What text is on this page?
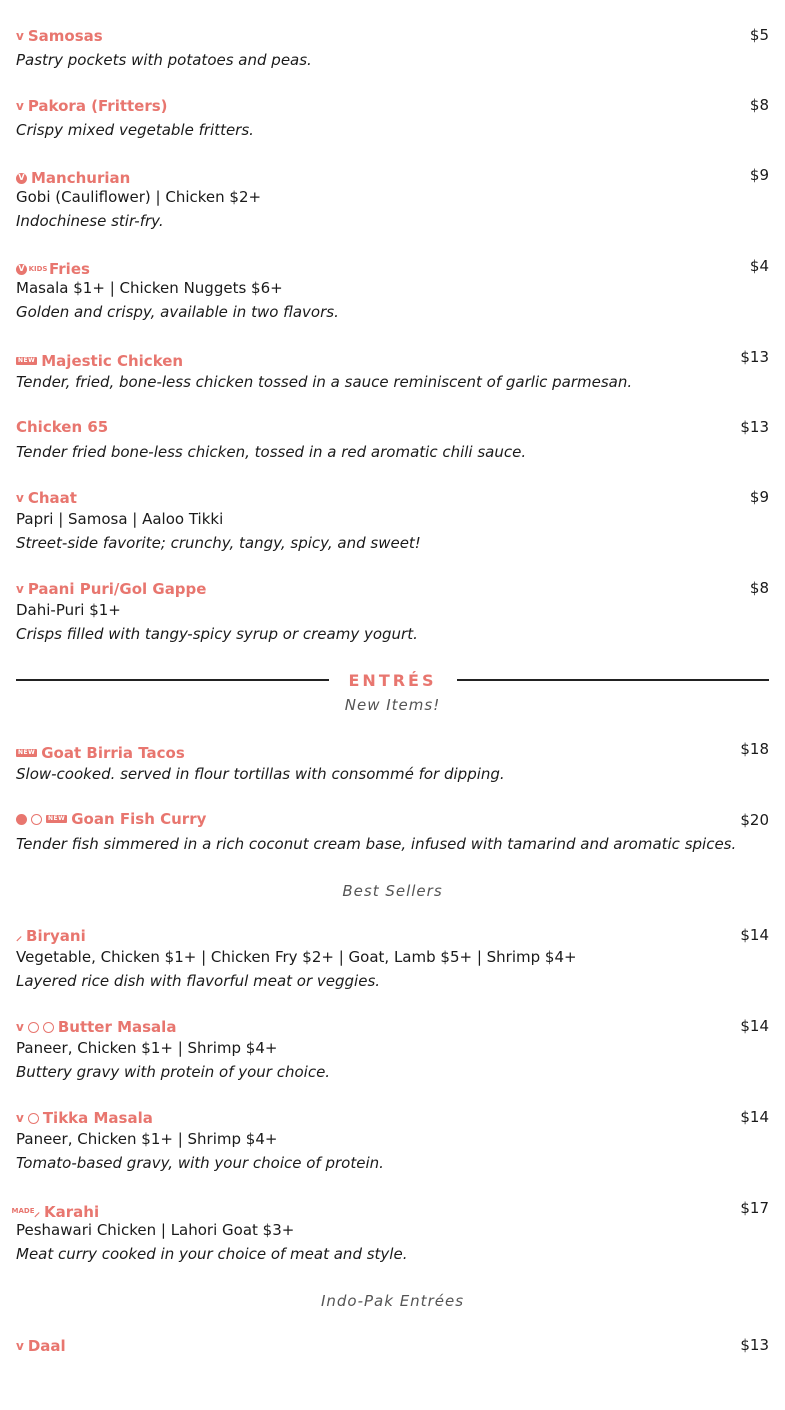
v Samosas	$5
Pastry pockets with potatoes and peas.
v Pakora (Fritters)	$8
Crispy mixed vegetable fritters.
V Manchurian	$9
Gobi (Cauliflower) | Chicken $2+
Indochinese stir-fry.
V KIDS Fries	$4
Masala $1+ | Chicken Nuggets $6+
Golden and crispy, available in two flavors.
NEW Majestic Chicken	$13
Tender, fried, bone-less chicken tossed in a sauce reminiscent of garlic parmesan.
Chicken 65	$13
Tender fried bone-less chicken, tossed in a red aromatic chili sauce.
v Chaat	$9
Papri | Samosa | Aaloo Tikki
Street-side favorite; crunchy, tangy, spicy, and sweet!
v Paani Puri/Gol Gappe	$8
Dahi-Puri $1+
Crisps filled with tangy-spicy syrup or creamy yogurt.
ENTRÉS
New Items!
NEW Goat Birria Tacos	$18
Slow-cooked. served in flour tortillas with consommé for dipping.
NEW Goan Fish Curry	$20
Tender fish simmered in a rich coconut cream base, infused with tamarind and aromatic spices.
Best Sellers
⸝ Biryani	$14
Vegetable, Chicken $1+ | Chicken Fry $2+ | Goat, Lamb $5+ | Shrimp $4+
Layered rice dish with flavorful meat or veggies.
v Butter Masala	$14
Paneer, Chicken $1+ | Shrimp $4+
Buttery gravy with protein of your choice.
v Tikka Masala	$14
Paneer, Chicken $1+ | Shrimp $4+
Tomato-based gravy, with your choice of protein.
MADE ⸝ Karahi	$17
Peshawari Chicken | Lahori Goat $3+
Meat curry cooked in your choice of meat and style.
Indo-Pak Entrées
v Daal	$13
